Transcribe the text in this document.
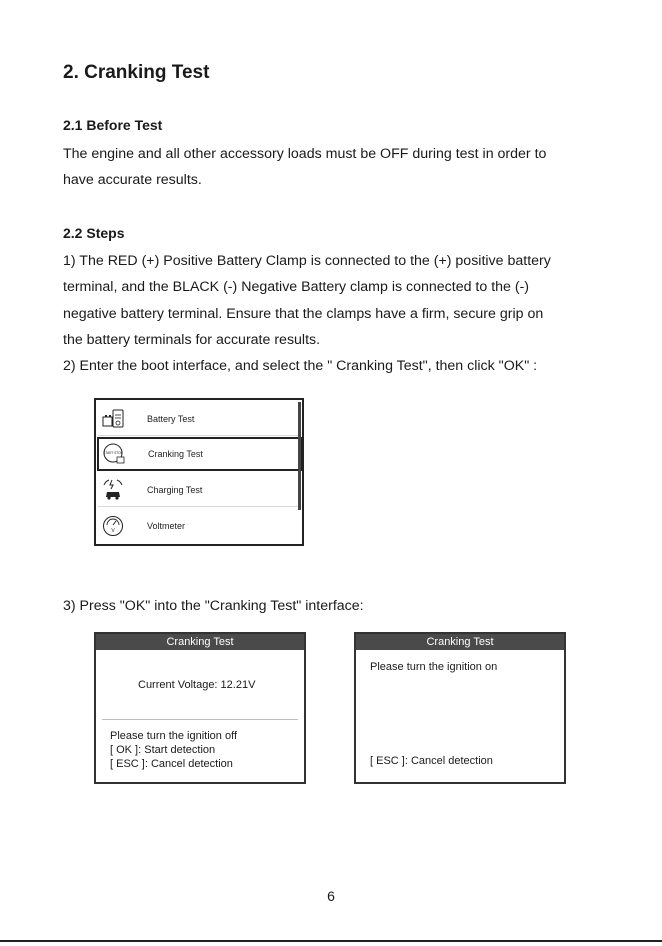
2. Cranking Test
2.1 Before Test

The engine and all other accessory loads must be OFF during test in order to

have accurate results.

2.2 Steps

1) The RED (+) Positive Battery Clamp is connected to the (+) positive battery

terminal, and the BLACK (-) Negative Battery clamp is connected to the (-)

negative battery terminal. Ensure that the clamps have a firm, secure grip on

the battery terminals for accurate results.

2) Enter the boot interface, and select the " Cranking Test", then click "OK" :

Battery Test
START STOP	Cranking Test
Charging Test
V	Voltmeter

3) Press "OK" into the "Cranking Test" interface:

Cranking Test
Current Voltage: 12.21V
Please turn the ignition off
[ OK ]: Start detection
[ ESC ]: Cancel detection
Cranking Test
Please turn the ignition on
[ ESC ]: Cancel detection
6
